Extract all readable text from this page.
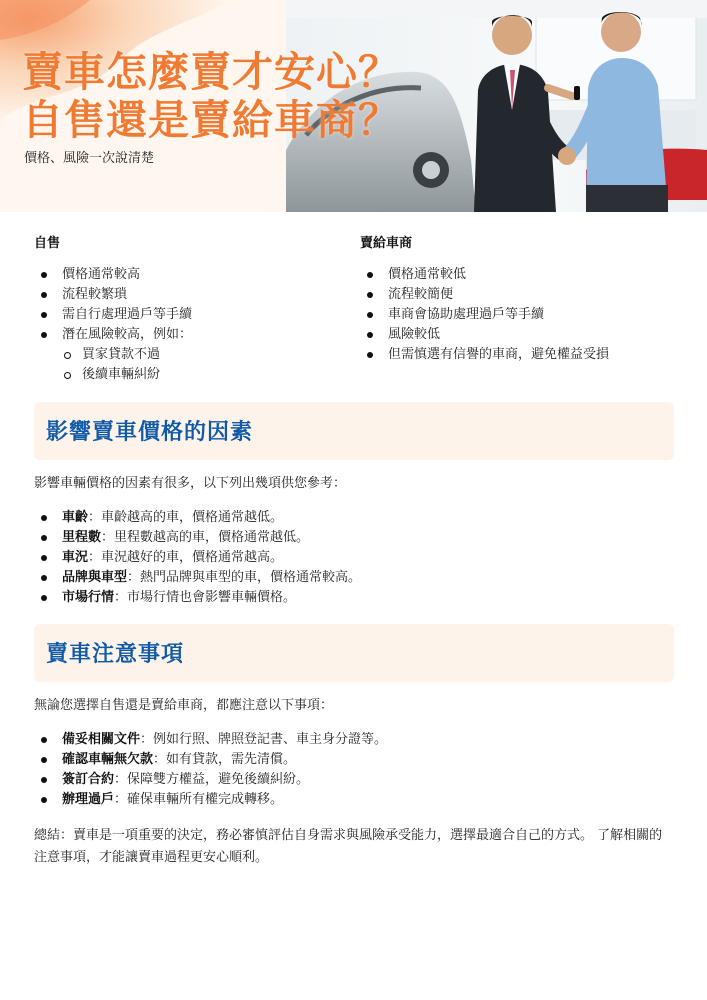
賣車怎麼賣才安心？
自售還是賣給車商？
價格、風險一次說清楚

自售

價格通常較高
流程較繁瑣
需自行處理過戶等手續
潛在風險較高，例如：
買家貸款不過
後續車輛糾紛

賣給車商

價格通常較低
流程較簡便
車商會協助處理過戶等手續
風險較低
但需慎選有信譽的車商，避免權益受損
影響賣車價格的因素

影響車輛價格的因素有很多，以下列出幾項供您參考：

車齡：車齡越高的車，價格通常越低。
里程數：里程數越高的車，價格通常越低。
車況：車況越好的車，價格通常越高。
品牌與車型：熱門品牌與車型的車，價格通常較高。
市場行情：市場行情也會影響車輛價格。
賣車注意事項

無論您選擇自售還是賣給車商，都應注意以下事項：

備妥相關文件：例如行照、牌照登記書、車主身分證等。
確認車輛無欠款：如有貸款，需先清償。
簽訂合約：保障雙方權益，避免後續糾紛。
辦理過戶：確保車輛所有權完成轉移。

總結：賣車是一項重要的決定，務必審慎評估自身需求與風險承受能力，選擇最適合自己的方式。 了解相關的注意事項，才能讓賣車過程更安心順利。
